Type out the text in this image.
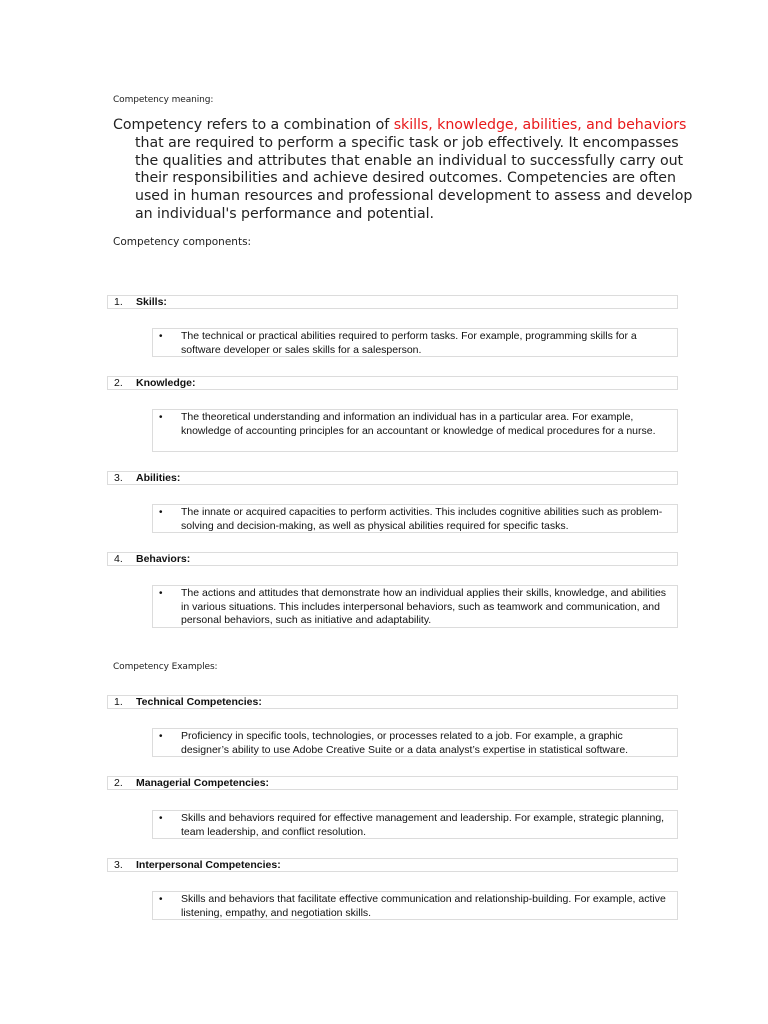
Competency meaning:
Competency refers to a combination of skills, knowledge, abilities, and behaviors that are required to perform a specific task or job effectively. It encompasses the qualities and attributes that enable an individual to successfully carry out their responsibilities and achieve desired outcomes. Competencies are often used in human resources and professional development to assess and develop an individual's performance and potential.
Competency components:
1. Skills:
• The technical or practical abilities required to perform tasks. For example, programming skills for a software developer or sales skills for a salesperson.
2. Knowledge:
• The theoretical understanding and information an individual has in a particular area. For example, knowledge of accounting principles for an accountant or knowledge of medical procedures for a nurse.
3. Abilities:
• The innate or acquired capacities to perform activities. This includes cognitive abilities such as problem-solving and decision-making, as well as physical abilities required for specific tasks.
4. Behaviors:
• The actions and attitudes that demonstrate how an individual applies their skills, knowledge, and abilities in various situations. This includes interpersonal behaviors, such as teamwork and communication, and personal behaviors, such as initiative and adaptability.
Competency Examples:
1. Technical Competencies:
• Proficiency in specific tools, technologies, or processes related to a job. For example, a graphic designer’s ability to use Adobe Creative Suite or a data analyst’s expertise in statistical software.
2. Managerial Competencies:
• Skills and behaviors required for effective management and leadership. For example, strategic planning, team leadership, and conflict resolution.
3. Interpersonal Competencies:
• Skills and behaviors that facilitate effective communication and relationship-building. For example, active listening, empathy, and negotiation skills.
